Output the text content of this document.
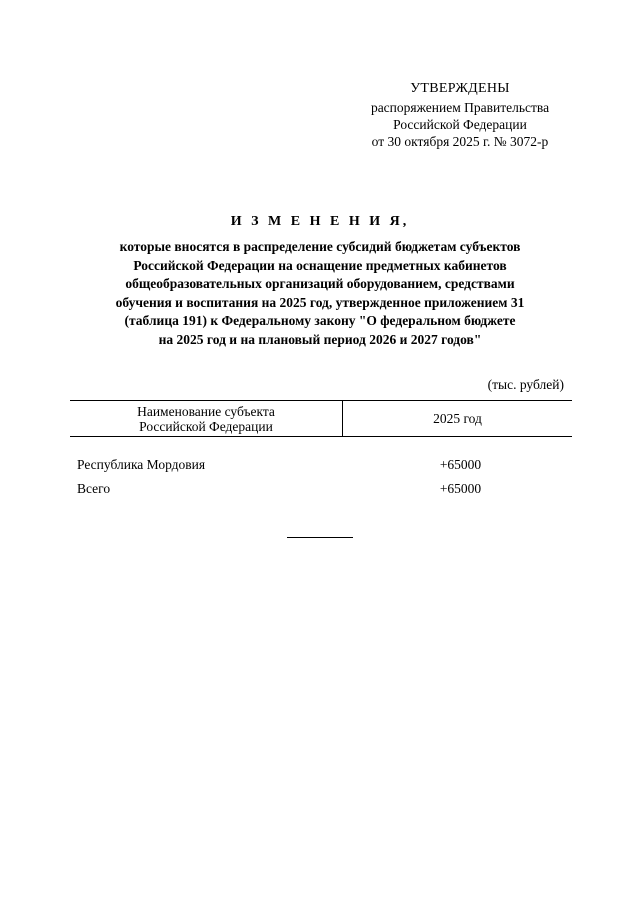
УТВЕРЖДЕНЫ
распоряжением Правительства
Российской Федерации
от 30 октября 2025 г. № 3072-р
И З М Е Н Е Н И Я,
которые вносятся в распределение субсидий бюджетам субъектов
Российской Федерации на оснащение предметных кабинетов
общеобразовательных организаций оборудованием, средствами
обучения и воспитания на 2025 год, утвержденное приложением 31
(таблица 191) к Федеральному закону "О федеральном бюджете
на 2025 год и на плановый период 2026 и 2027 годов"
(тыс. рублей)
Наименование субъекта
Российской Федерации
2025 год
Республика Мордовия	+65000
Всего	+65000
